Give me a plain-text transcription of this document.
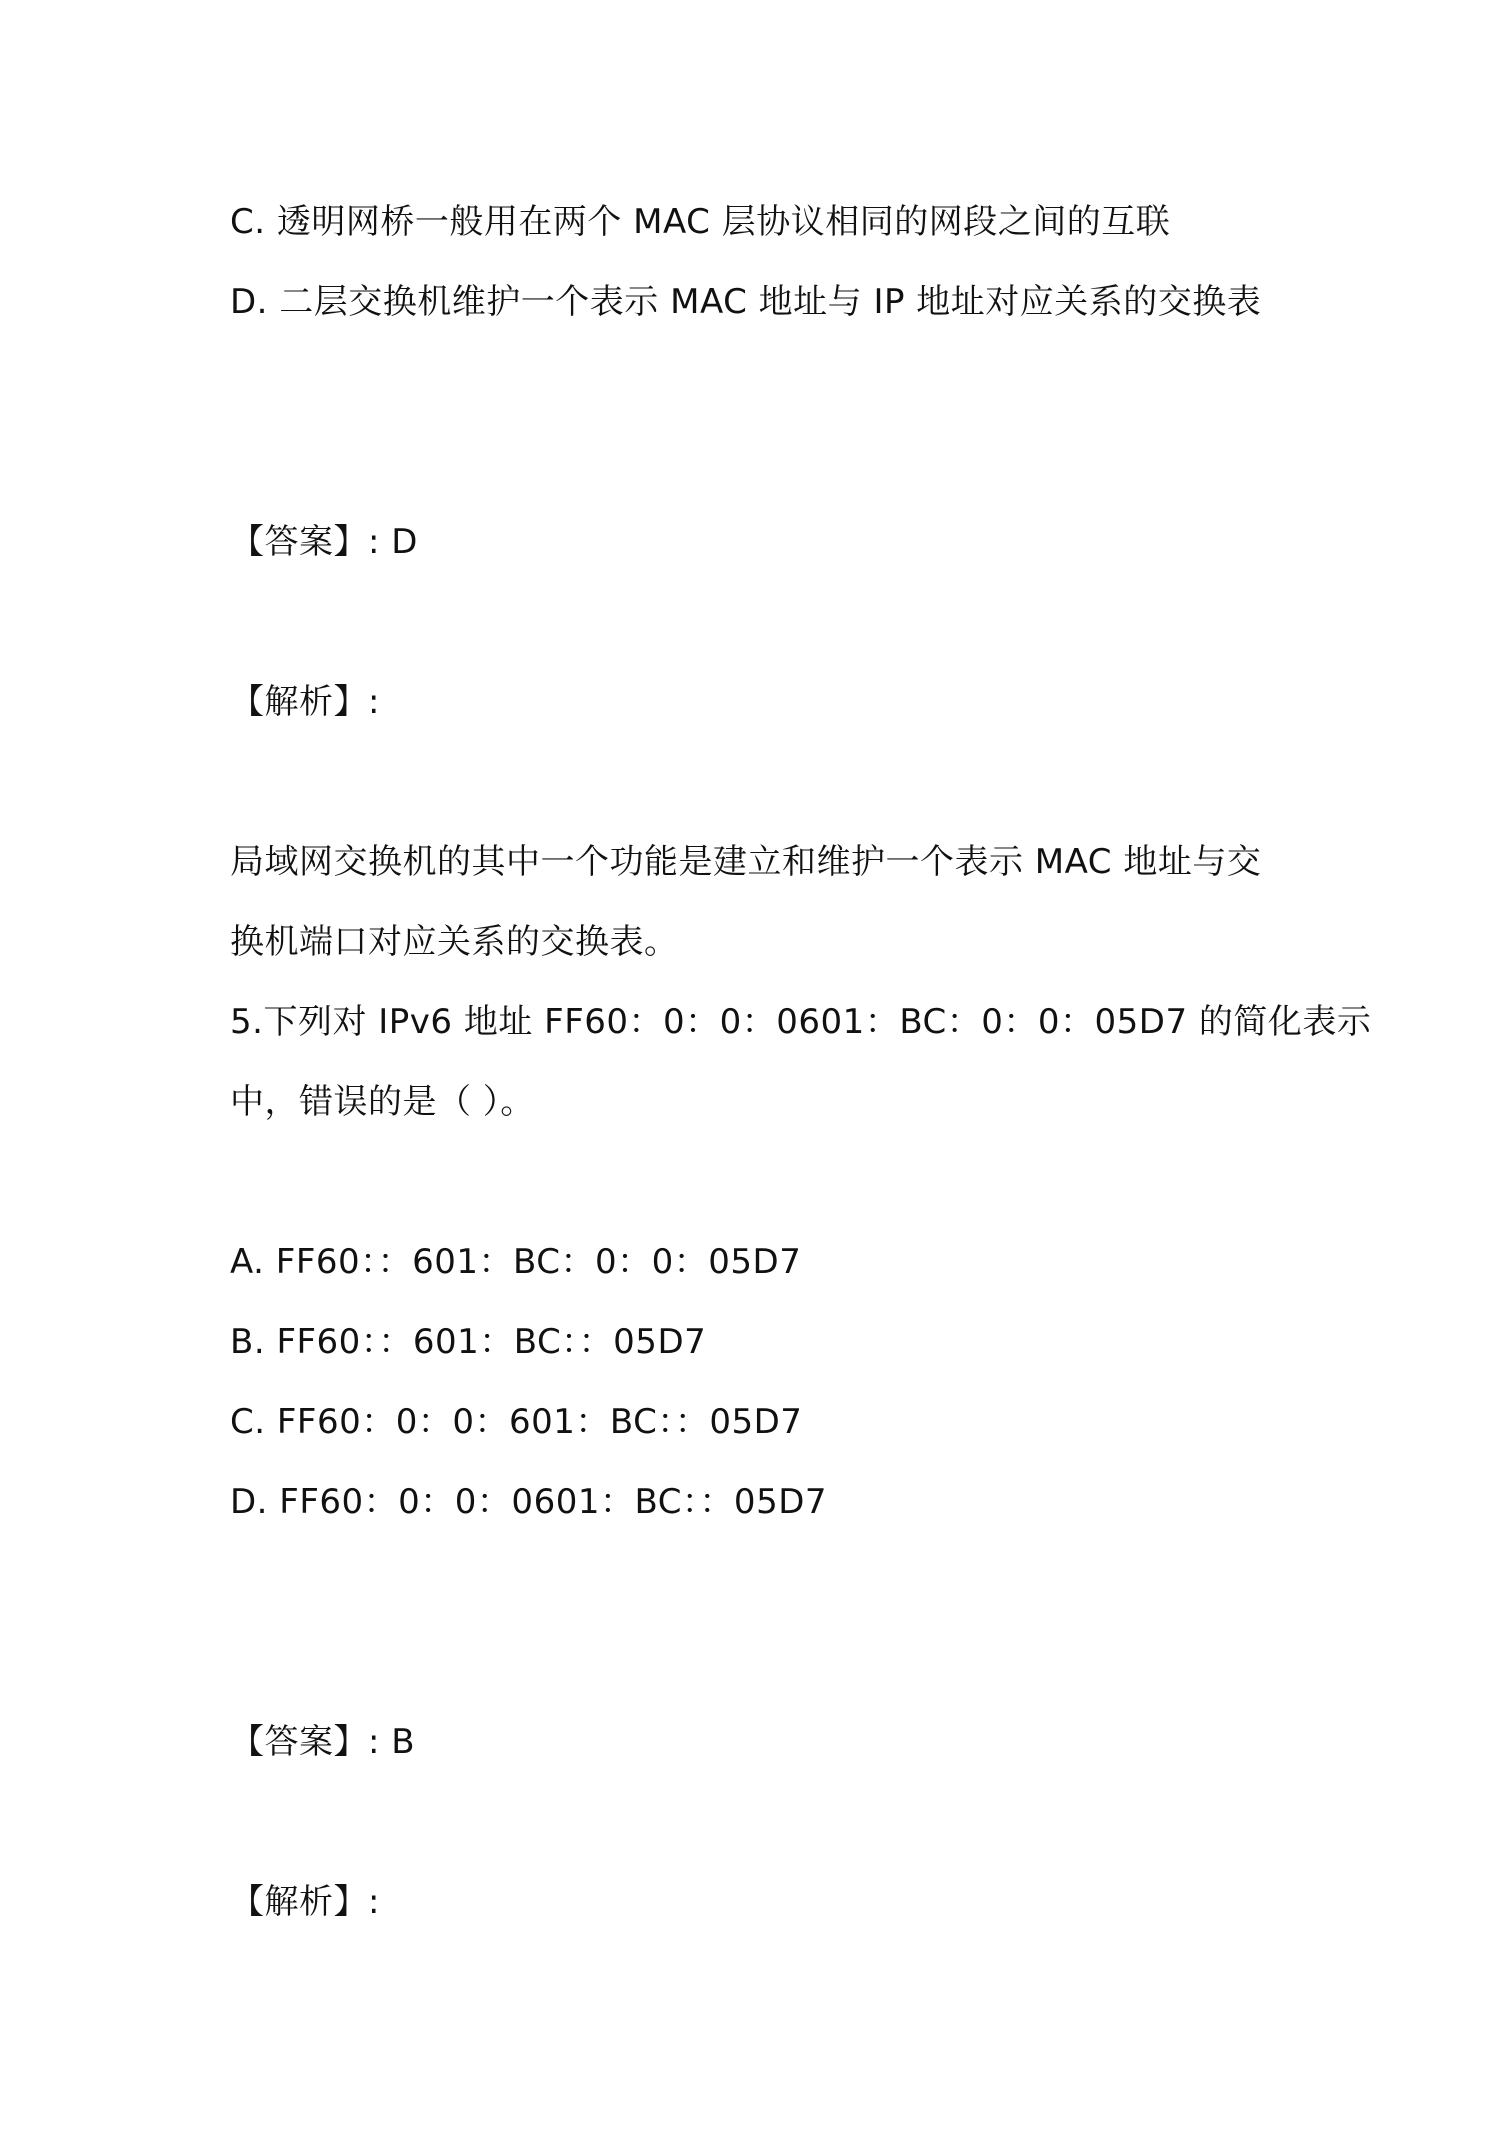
C. 透明网桥一般用在两个 MAC 层协议相同的网段之间的互联
D. 二层交换机维护一个表示 MAC 地址与 IP 地址对应关系的交换表
【答案】: D
【解析】:
局域网交换机的其中一个功能是建立和维护一个表示 MAC 地址与交
换机端口对应关系的交换表。
5.下列对 IPv6 地址 FF60：0：0：0601：BC：0：0：05D7 的简化表示
中，错误的是（ ）。
A. FF60：：601：BC：0：0：05D7
B. FF60：：601：BC：：05D7
C. FF60：0：0：601：BC：：05D7
D. FF60：0：0：0601：BC：：05D7
【答案】: B
【解析】:
